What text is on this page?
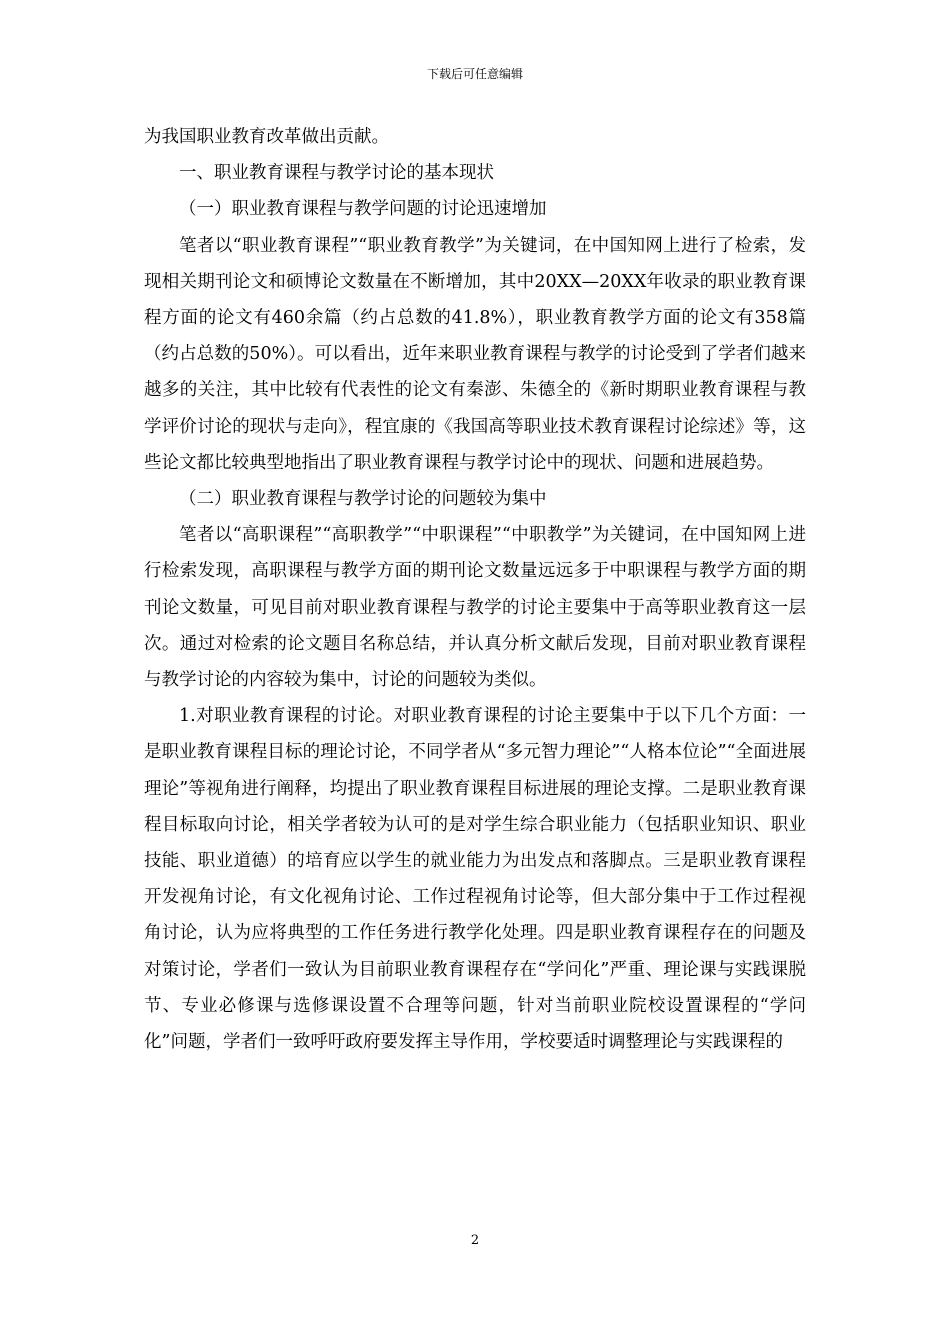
下载后可任意编辑

为我国职业教育改革做出贡献。

一、职业教育课程与教学讨论的基本现状

（一）职业教育课程与教学问题的讨论迅速增加

笔者以“职业教育课程”“职业教育教学”为关键词，在中国知网上进行了检索，发现相关期刊论文和硕博论文数量在不断增加，其中20XX—20XX年收录的职业教育课程方面的论文有460余篇（约占总数的41.8%），职业教育教学方面的论文有358篇（约占总数的50%）。可以看出，近年来职业教育课程与教学的讨论受到了学者们越来越多的关注，其中比较有代表性的论文有秦澎、朱德全的《新时期职业教育课程与教学评价讨论的现状与走向》，程宜康的《我国高等职业技术教育课程讨论综述》等，这些论文都比较典型地指出了职业教育课程与教学讨论中的现状、问题和进展趋势。

（二）职业教育课程与教学讨论的问题较为集中

笔者以“高职课程”“高职教学”“中职课程”“中职教学”为关键词，在中国知网上进行检索发现，高职课程与教学方面的期刊论文数量远远多于中职课程与教学方面的期刊论文数量，可见目前对职业教育课程与教学的讨论主要集中于高等职业教育这一层次。通过对检索的论文题目名称总结，并认真分析文献后发现，目前对职业教育课程与教学讨论的内容较为集中，讨论的问题较为类似。

1.对职业教育课程的讨论。对职业教育课程的讨论主要集中于以下几个方面：一是职业教育课程目标的理论讨论，不同学者从“多元智力理论”“人格本位论”“全面进展理论”等视角进行阐释，均提出了职业教育课程目标进展的理论支撑。二是职业教育课程目标取向讨论，相关学者较为认可的是对学生综合职业能力（包括职业知识、职业技能、职业道德）的培育应以学生的就业能力为出发点和落脚点。三是职业教育课程开发视角讨论，有文化视角讨论、工作过程视角讨论等，但大部分集中于工作过程视角讨论，认为应将典型的工作任务进行教学化处理。四是职业教育课程存在的问题及对策讨论，学者们一致认为目前职业教育课程存在“学问化”严重、理论课与实践课脱节、专业必修课与选修课设置不合理等问题，针对当前职业院校设置课程的“学问化”问题，学者们一致呼吁政府要发挥主导作用，学校要适时调整理论与实践课程的

2
